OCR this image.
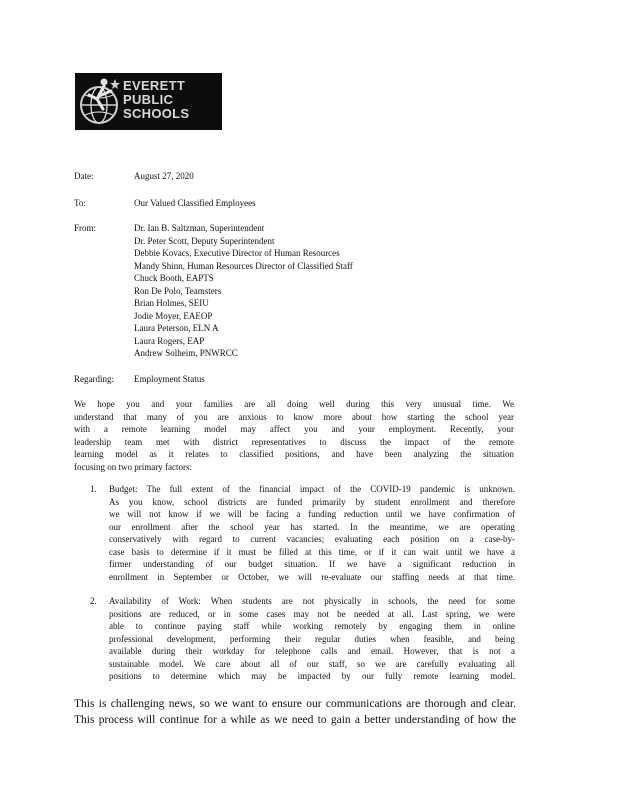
EVERETT
PUBLIC
SCHOOLS
Date:	August 27, 2020
To:	Our Valued Classified Employees
From:	Dr. Ian B. Saltzman, Superintendent
Dr. Peter Scott, Deputy Superintendent
Debbie Kovacs, Executive Director of Human Resources
Mandy Shinn, Human Resources Director of Classified Staff
Chuck Booth, EAPTS
Ron De Polo, Teamsters
Brian Holmes, SEIU
Jodie Moyer, EAEOP
Laura Peterson, ELN A
Laura Rogers, EAP
Andrew Solheim, PNWRCC
Regarding: Employment Status
We hope you and your families are all doing well during this very unusual time. We
understand that many of you are anxious to know more about how starting the school year
with a remote learning model may affect you and your employment. Recently, your
leadership team met with district representatives to discuss the impact of the remote
learning model as it relates to classified positions, and have been analyzing the situation
focusing on two primary factors:
1. Budget: The full extent of the financial impact of the COVID-19 pandemic is unknown.
As you know, school districts are funded primarily by student enrollment and therefore
we will not know if we will be facing a funding reduction until we have confirmation of
our enrollment after the school year has started. In the meantime, we are operating
conservatively with regard to current vacancies; evaluating each position on a case-by-
case basis to determine if it must be filled at this time, or if it can wait until we have a
firmer understanding of our budget situation. If we have a significant reduction in
enrollment in September or October, we will re-evaluate our staffing needs at that time.
2. Availability of Work: When students are not physically in schools, the need for some
positions are reduced, or in some cases may not be needed at all. Last spring, we were
able to continue paying staff while working remotely by engaging them in online
professional development, performing their regular duties when feasible, and being
available during their workday for telephone calls and email. However, that is not a
sustainable model. We care about all of our staff, so we are carefully evaluating all
positions to determine which may be impacted by our fully remote learning model.
This is challenging news, so we want to ensure our communications are thorough and clear.
This process will continue for a while as we need to gain a better understanding of how the
